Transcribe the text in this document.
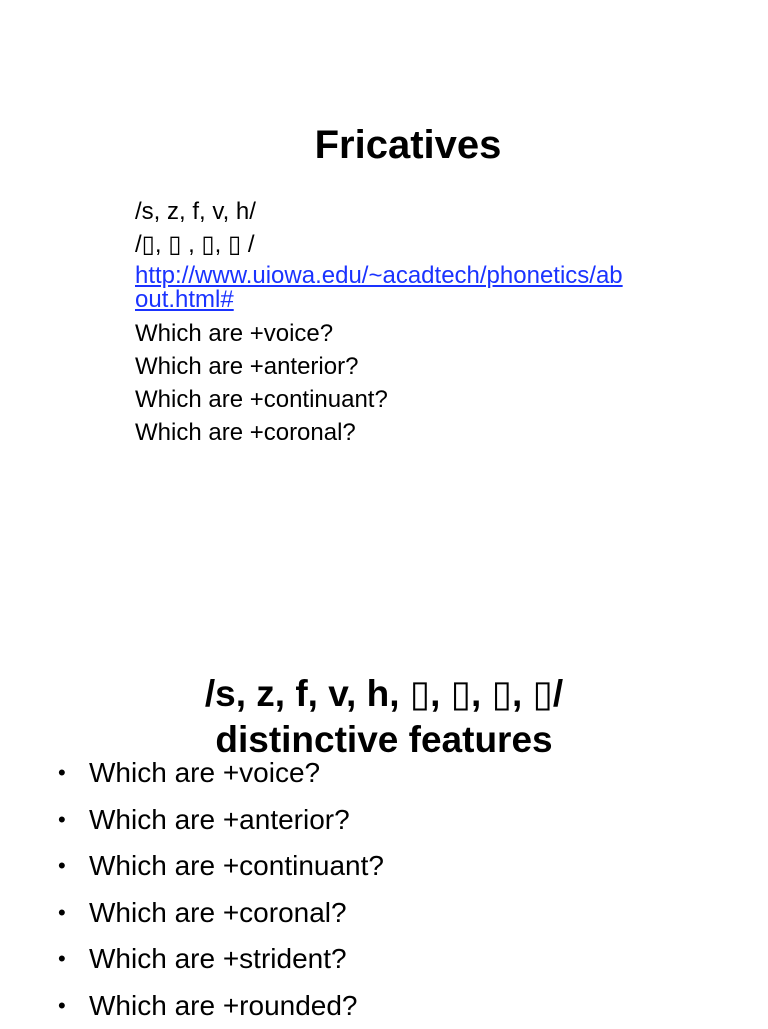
Fricatives
/s, z, f, v, h/
/▯, ▯ , ▯, ▯ /
http://www.uiowa.edu/~acadtech/phonetics/about.html#
Which are +voice?
Which are +anterior?
Which are +continuant?
Which are +coronal?
/s, z, f, v, h, ▯, ▯, ▯, ▯/
distinctive features
• Which are +voice?
• Which are +anterior?
• Which are +continuant?
• Which are +coronal?
• Which are +strident?
• Which are +rounded?
